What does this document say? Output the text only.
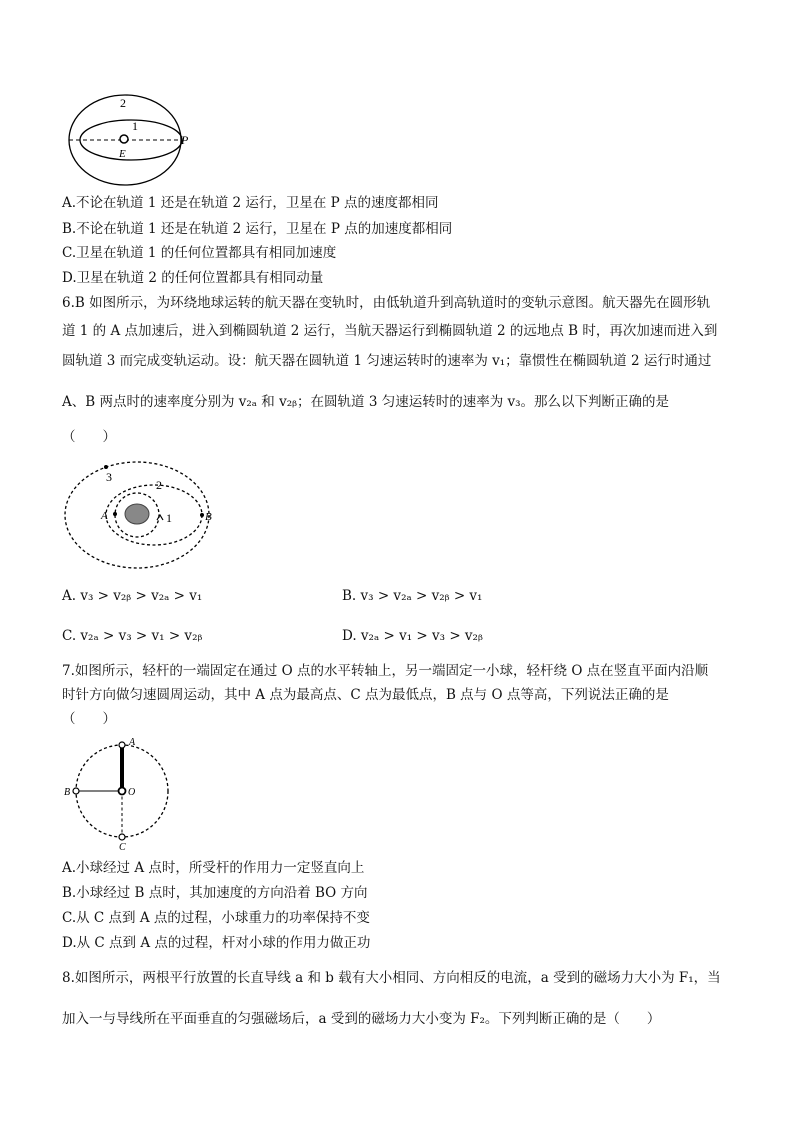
2
1
E
P
A.不论在轨道 1 还是在轨道 2 运行，卫星在 P 点的速度都相同
B.不论在轨道 1 还是在轨道 2 运行，卫星在 P 点的加速度都相同
C.卫星在轨道 1 的任何位置都具有相同加速度
D.卫星在轨道 2 的任何位置都具有相同动量
6.B 如图所示，为环绕地球运转的航天器在变轨时，由低轨道升到高轨道时的变轨示意图。航天器先在圆形轨
道 1 的 A 点加速后，进入到椭圆轨道 2 运行，当航天器运行到椭圆轨道 2 的远地点 B 时，再次加速而进入到
圆轨道 3 而完成变轨运动。设：航天器在圆轨道 1 匀速运转时的速率为 v₁；靠惯性在椭圆轨道 2 运行时通过
A、B 两点时的速率度分别为 v₂ₐ 和 v₂ᵦ；在圆轨道 3 匀速运转时的速率为 v₃。那么以下判断正确的是
（　　）
3
2
1
A	B
A. v₃ > v₂ᵦ > v₂ₐ > v₁	B. v₃ > v₂ₐ > v₂ᵦ > v₁
C. v₂ₐ > v₃ > v₁ > v₂ᵦ	D. v₂ₐ > v₁ > v₃ > v₂ᵦ
7.如图所示，轻杆的一端固定在通过 O 点的水平转轴上，另一端固定一小球，轻杆绕 O 点在竖直平面内沿顺
时针方向做匀速圆周运动，其中 A 点为最高点、C 点为最低点，B 点与 O 点等高，下列说法正确的是
（　　）
A
B	O
C
A.小球经过 A 点时，所受杆的作用力一定竖直向上
B.小球经过 B 点时，其加速度的方向沿着 BO 方向
C.从 C 点到 A 点的过程，小球重力的功率保持不变
D.从 C 点到 A 点的过程，杆对小球的作用力做正功
8.如图所示，两根平行放置的长直导线 a 和 b 载有大小相同、方向相反的电流，a 受到的磁场力大小为 F₁，当
加入一与导线所在平面垂直的匀强磁场后，a 受到的磁场力大小变为 F₂。下列判断正确的是（　　）
